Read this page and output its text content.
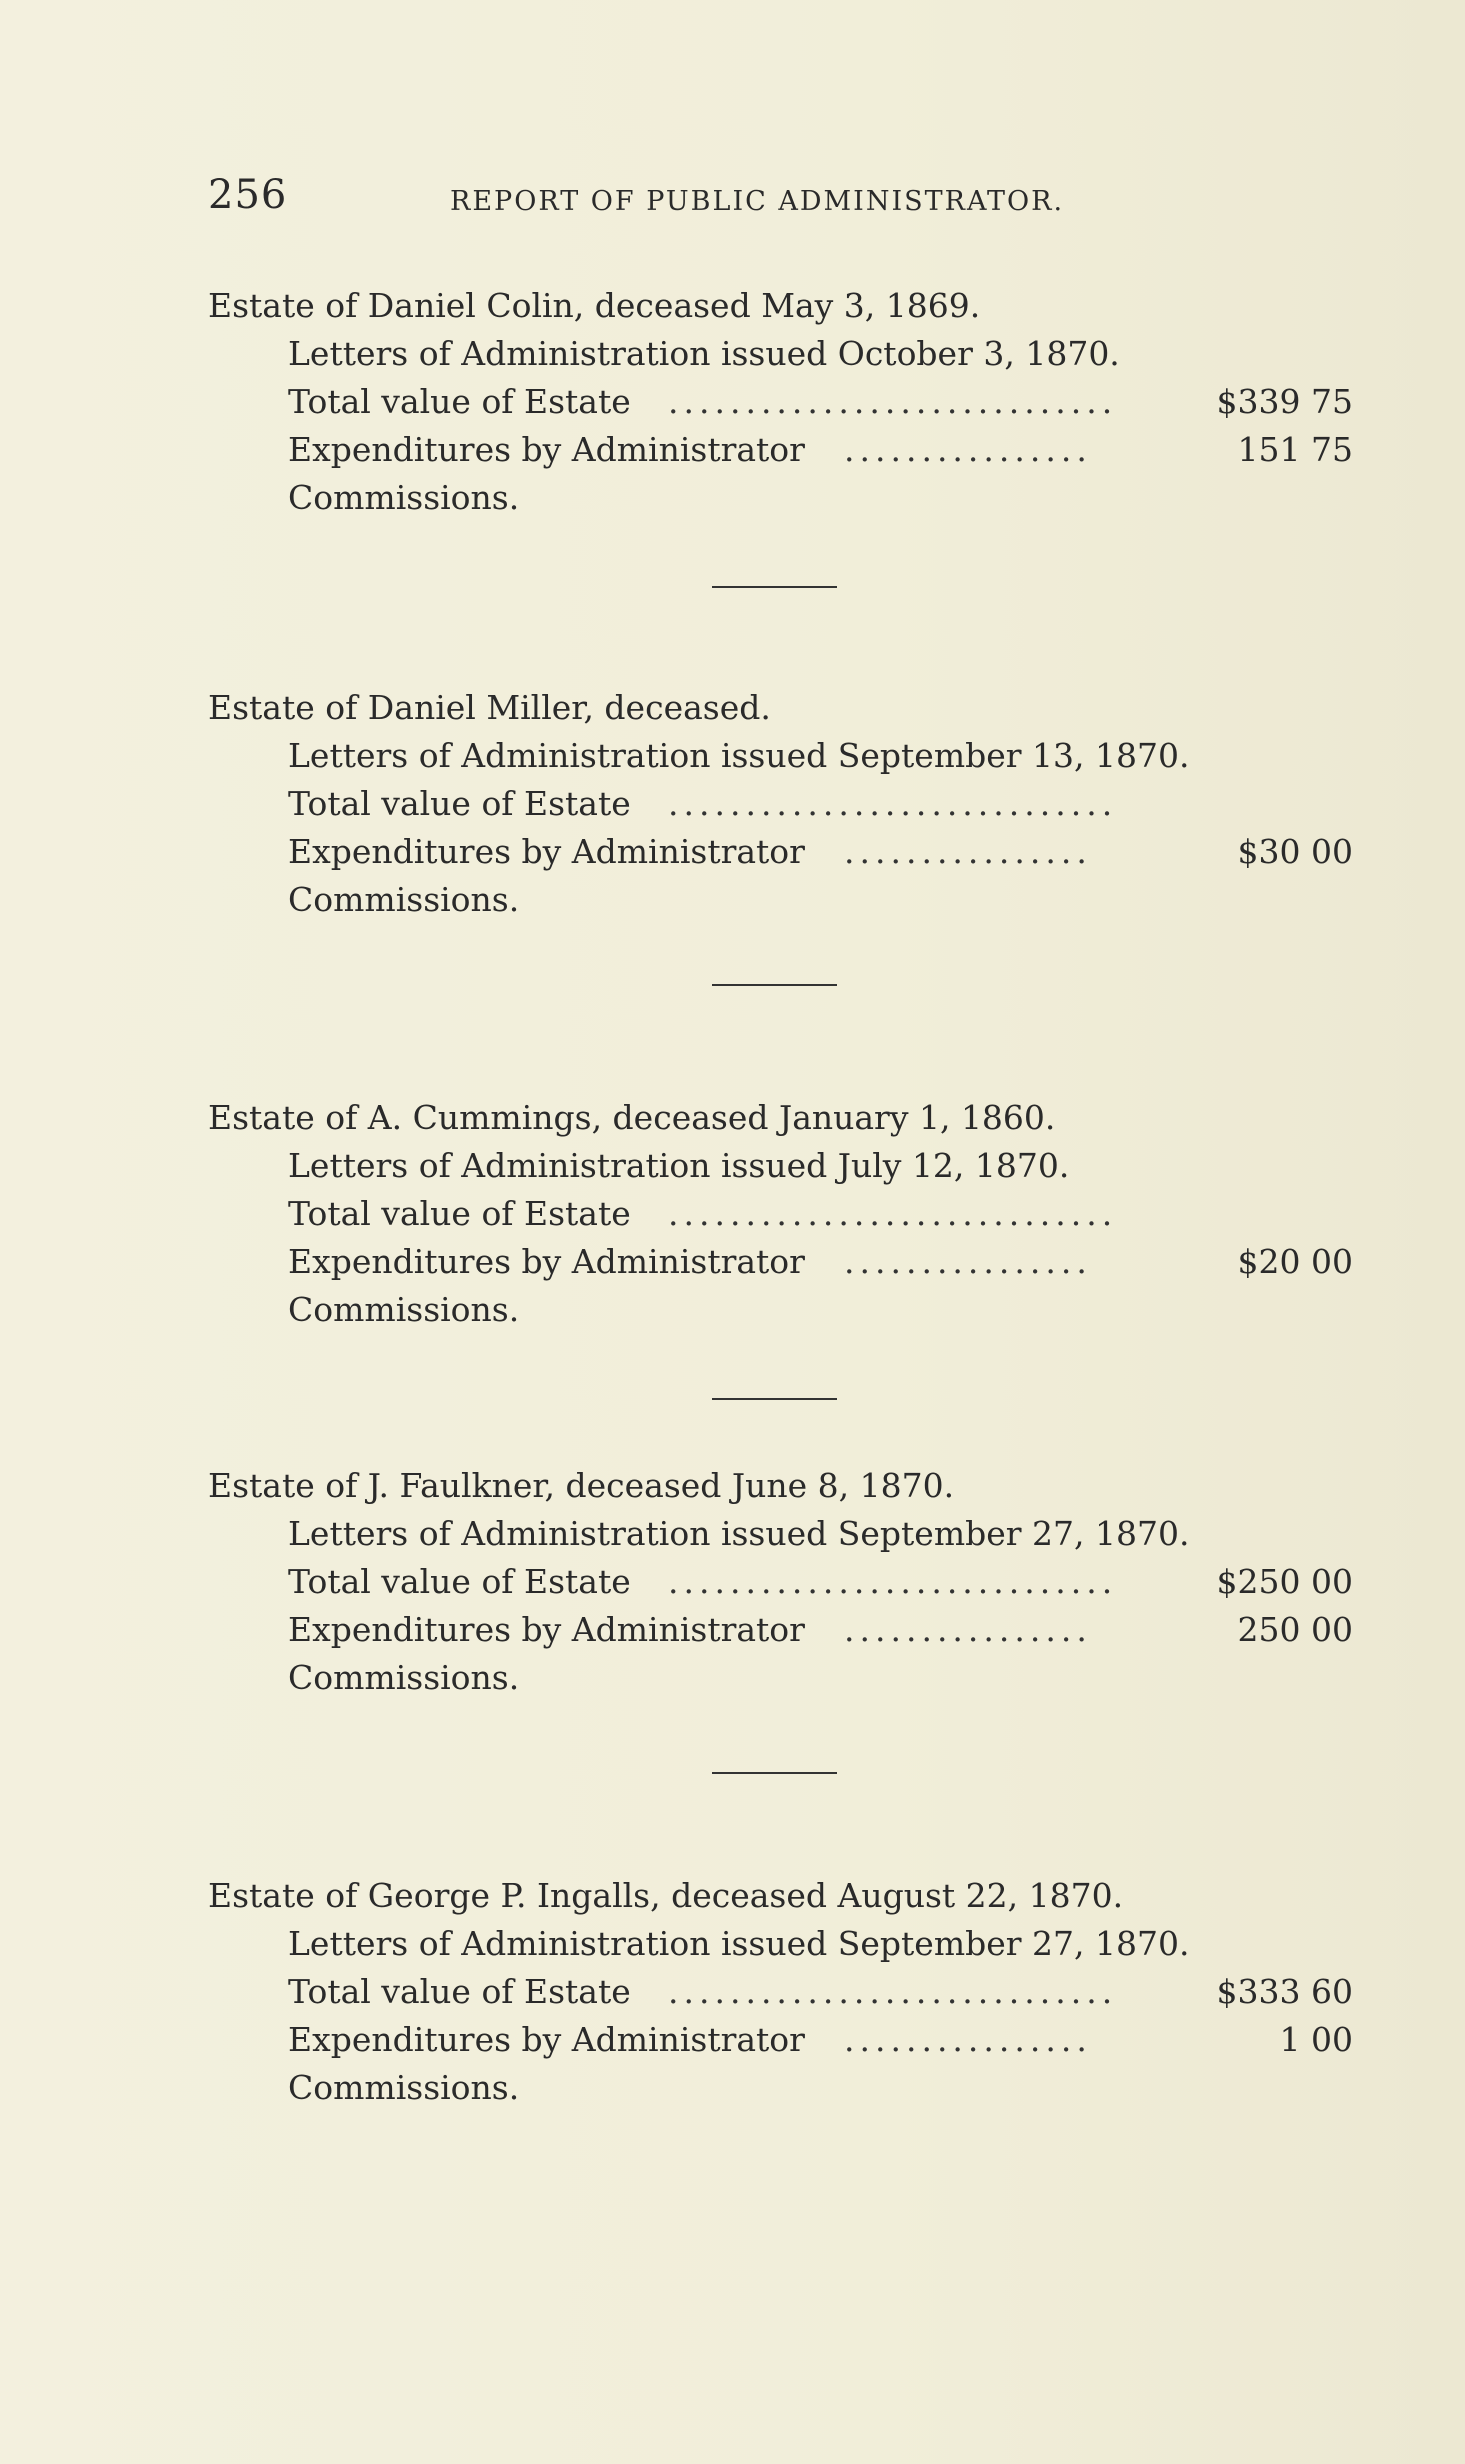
256	REPORT OF PUBLIC ADMINISTRATOR.
Estate of Daniel Colin, deceased May 3, 1869.
Letters of Administration issued October 3, 1870.
Total value of Estate .............................	$339 75
Expenditures by Administrator ................	151 75
Commissions.
Estate of Daniel Miller, deceased.
Letters of Administration issued September 13, 1870.
Total value of Estate .............................
Expenditures by Administrator ................	$30 00
Commissions.
Estate of A. Cummings, deceased January 1, 1860.
Letters of Administration issued July 12, 1870.
Total value of Estate .............................
Expenditures by Administrator ................	$20 00
Commissions.
Estate of J. Faulkner, deceased June 8, 1870.
Letters of Administration issued September 27, 1870.
Total value of Estate .............................	$250 00
Expenditures by Administrator ................	250 00
Commissions.
Estate of George P. Ingalls, deceased August 22, 1870.
Letters of Administration issued September 27, 1870.
Total value of Estate .............................	$333 60
Expenditures by Administrator ................	1 00
Commissions.
